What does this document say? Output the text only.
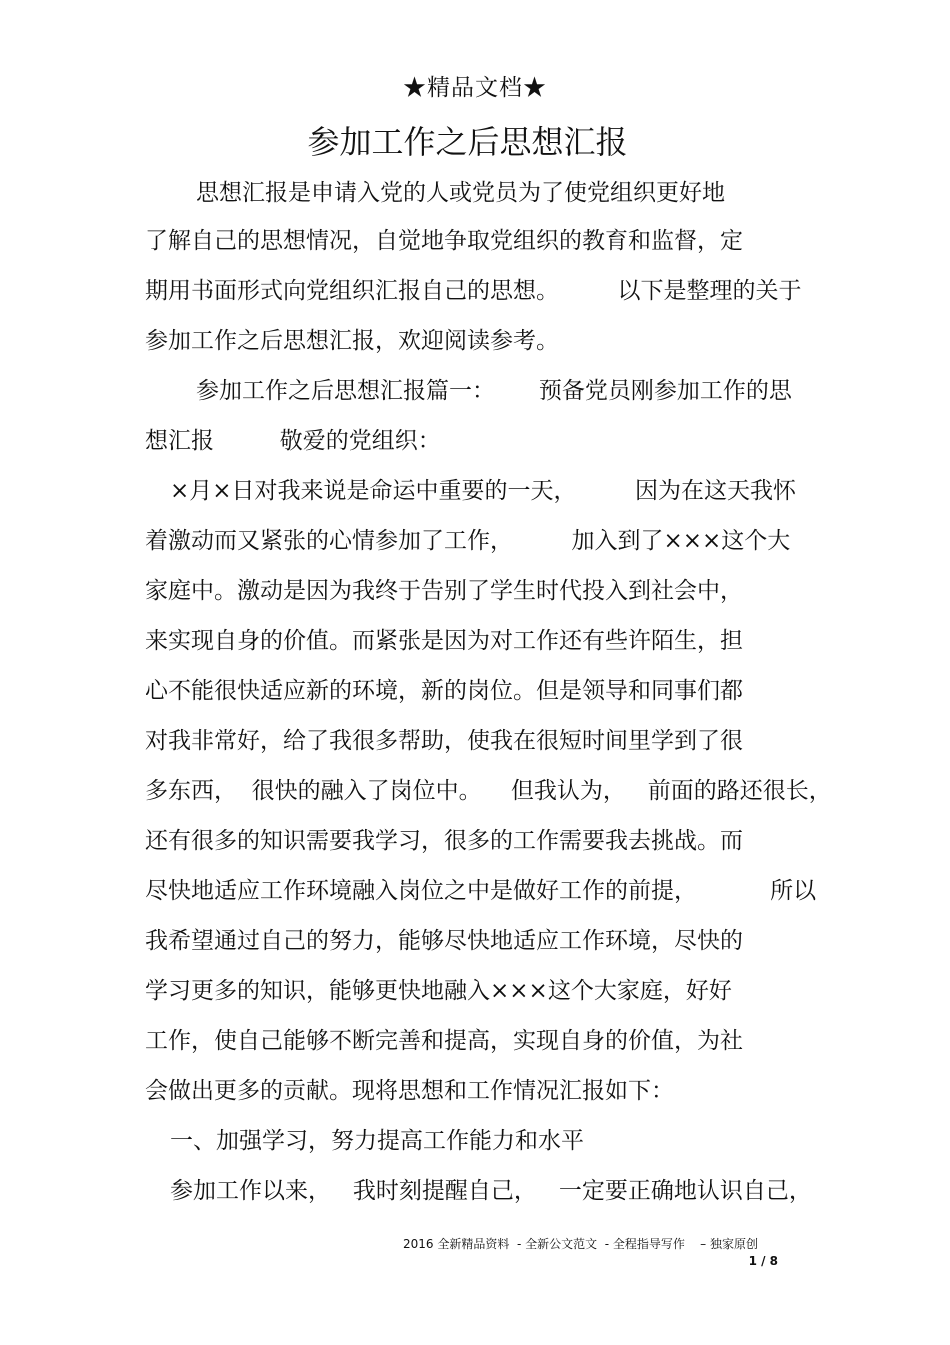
★精品文档★
参加工作之后思想汇报
思想汇报是申请入党的人或党员为了使党组织更好地
了解自己的思想情况，自觉地争取党组织的教育和监督，定
期用书面形式向党组织汇报自己的思想。        以下是整理的关于
参加工作之后思想汇报，欢迎阅读参考。
参加工作之后思想汇报篇一：      预备党员刚参加工作的思
想汇报         敬爱的党组织：
×月×日对我来说是命运中重要的一天，        因为在这天我怀
着激动而又紧张的心情参加了工作，        加入到了×××这个大
家庭中。激动是因为我终于告别了学生时代投入到社会中，
来实现自身的价值。而紧张是因为对工作还有些许陌生，担
心不能很快适应新的环境，新的岗位。但是领导和同事们都
对我非常好，给了我很多帮助，使我在很短时间里学到了很
多东西，  很快的融入了岗位中。    但我认为，   前面的路还很长，
还有很多的知识需要我学习，很多的工作需要我去挑战。而
尽快地适应工作环境融入岗位之中是做好工作的前提，          所以
我希望通过自己的努力，能够尽快地适应工作环境，尽快的
学习更多的知识，能够更快地融入×××这个大家庭，好好
工作，使自己能够不断完善和提高，实现自身的价值，为社
会做出更多的贡献。现将思想和工作情况汇报如下：
一、加强学习，努力提高工作能力和水平
参加工作以来，   我时刻提醒自己，   一定要正确地认识自己，
2016 全新精品资料  - 全新公文范文  - 全程指导写作    – 独家原创
1 / 8
